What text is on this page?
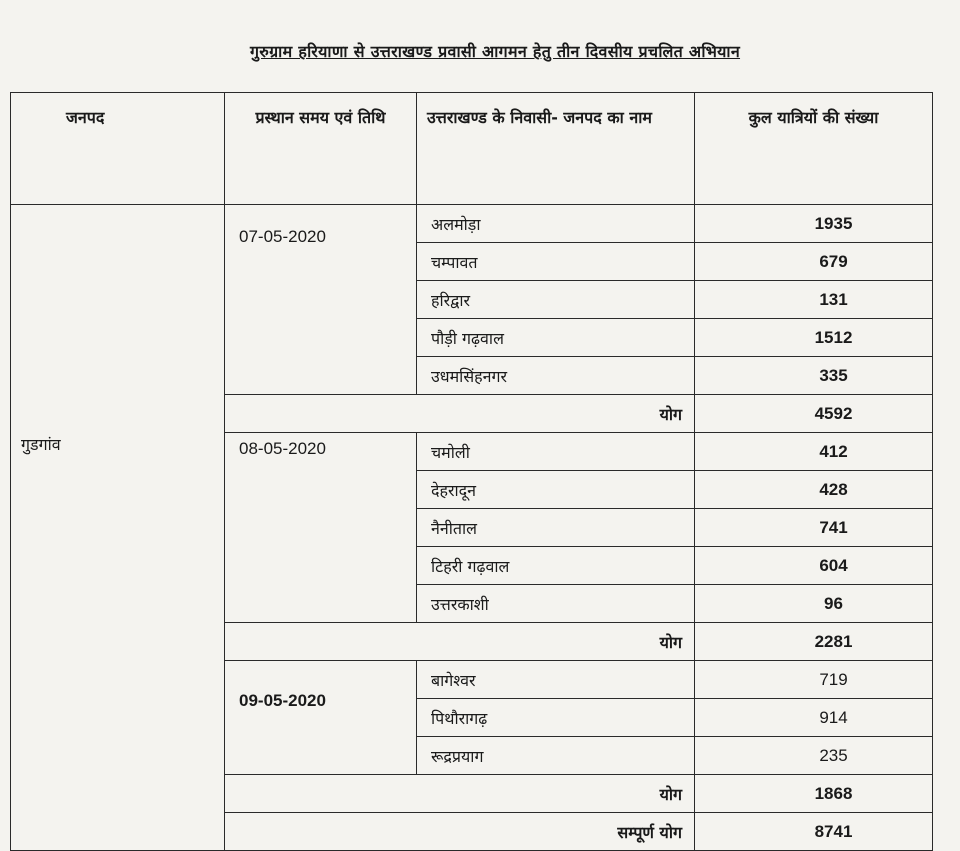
गुरुग्राम हरियाणा से उत्तराखण्ड प्रवासी आगमन हेतु तीन दिवसीय प्रचलित अभियान
जनपद	प्रस्थान समय एवं तिथि	उत्तराखण्ड के निवासी- जनपद का नाम	कुल यात्रियों की संख्या
गुडगांव	07-05-2020	अलमोड़ा	1935
		चम्पावत	679
		हरिद्वार	131
		पौड़ी गढ़वाल	1512
		उधमसिंहनगर	335
	योग		4592
	08-05-2020	चमोली	412
		देहरादून	428
		नैनीताल	741
		टिहरी गढ़वाल	604
		उत्तरकाशी	96
	योग		2281
	09-05-2020	बागेश्वर	719
		पिथौरागढ़	914
		रूद्रप्रयाग	235
	योग		1868
	सम्पूर्ण योग		8741
